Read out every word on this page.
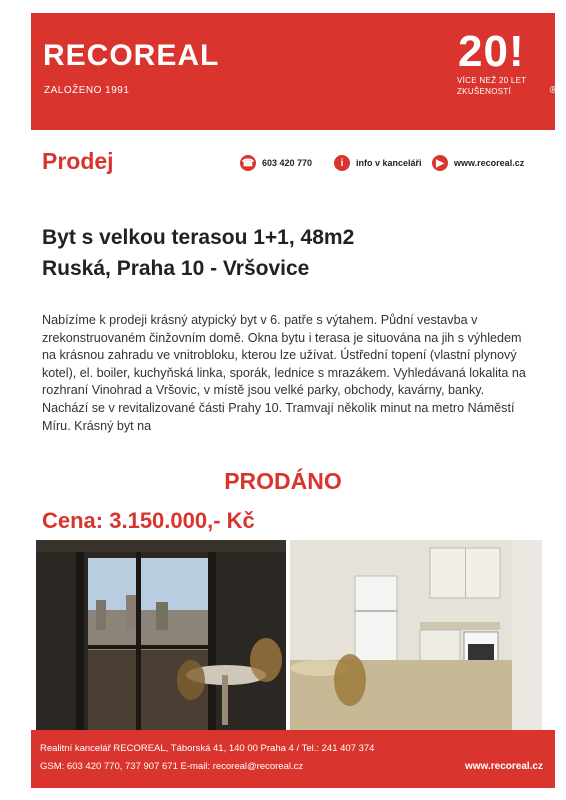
RECOREAL
ZALOŽENO 1991
20!
VÍCE NEŽ 20 LET
ZKUŠENOSTÍ	®
Prodej	☎ 603 420 770	i	info v kanceláři	▶	www.recoreal.cz
Byt s velkou terasou 1+1, 48m2
Ruská, Praha 10 - Vršovice
Nabízíme k prodeji krásný atypický byt v 6. patře s výtahem. Půdní vestavba v zrekonstruovaném činžovním domě. Okna bytu i terasa je situována na jih s výhledem na krásnou zahradu ve vnitrobloku, kterou lze užívat. Ústřední topení (vlastní plynový kotel), el. boiler, kuchyňská linka, sporák, lednice s mrazákem. Vyhledávaná lokalita na rozhraní Vinohrad a Vršovic, v místě jsou velké parky, obchody, kavárny, banky. Nachází se v revitalizované části Prahy 10. Tramvají několik minut na metro Náměstí Míru. Krásný byt na
PRODÁNO
Cena: 3.150.000,- Kč
Realitní kancelář RECOREAL, Táborská 41, 140 00 Praha 4 / Tel.: 241 407 374
GSM: 603 420 770, 737 907 671 E-mail: recoreal@recoreal.cz	www.recoreal.cz
